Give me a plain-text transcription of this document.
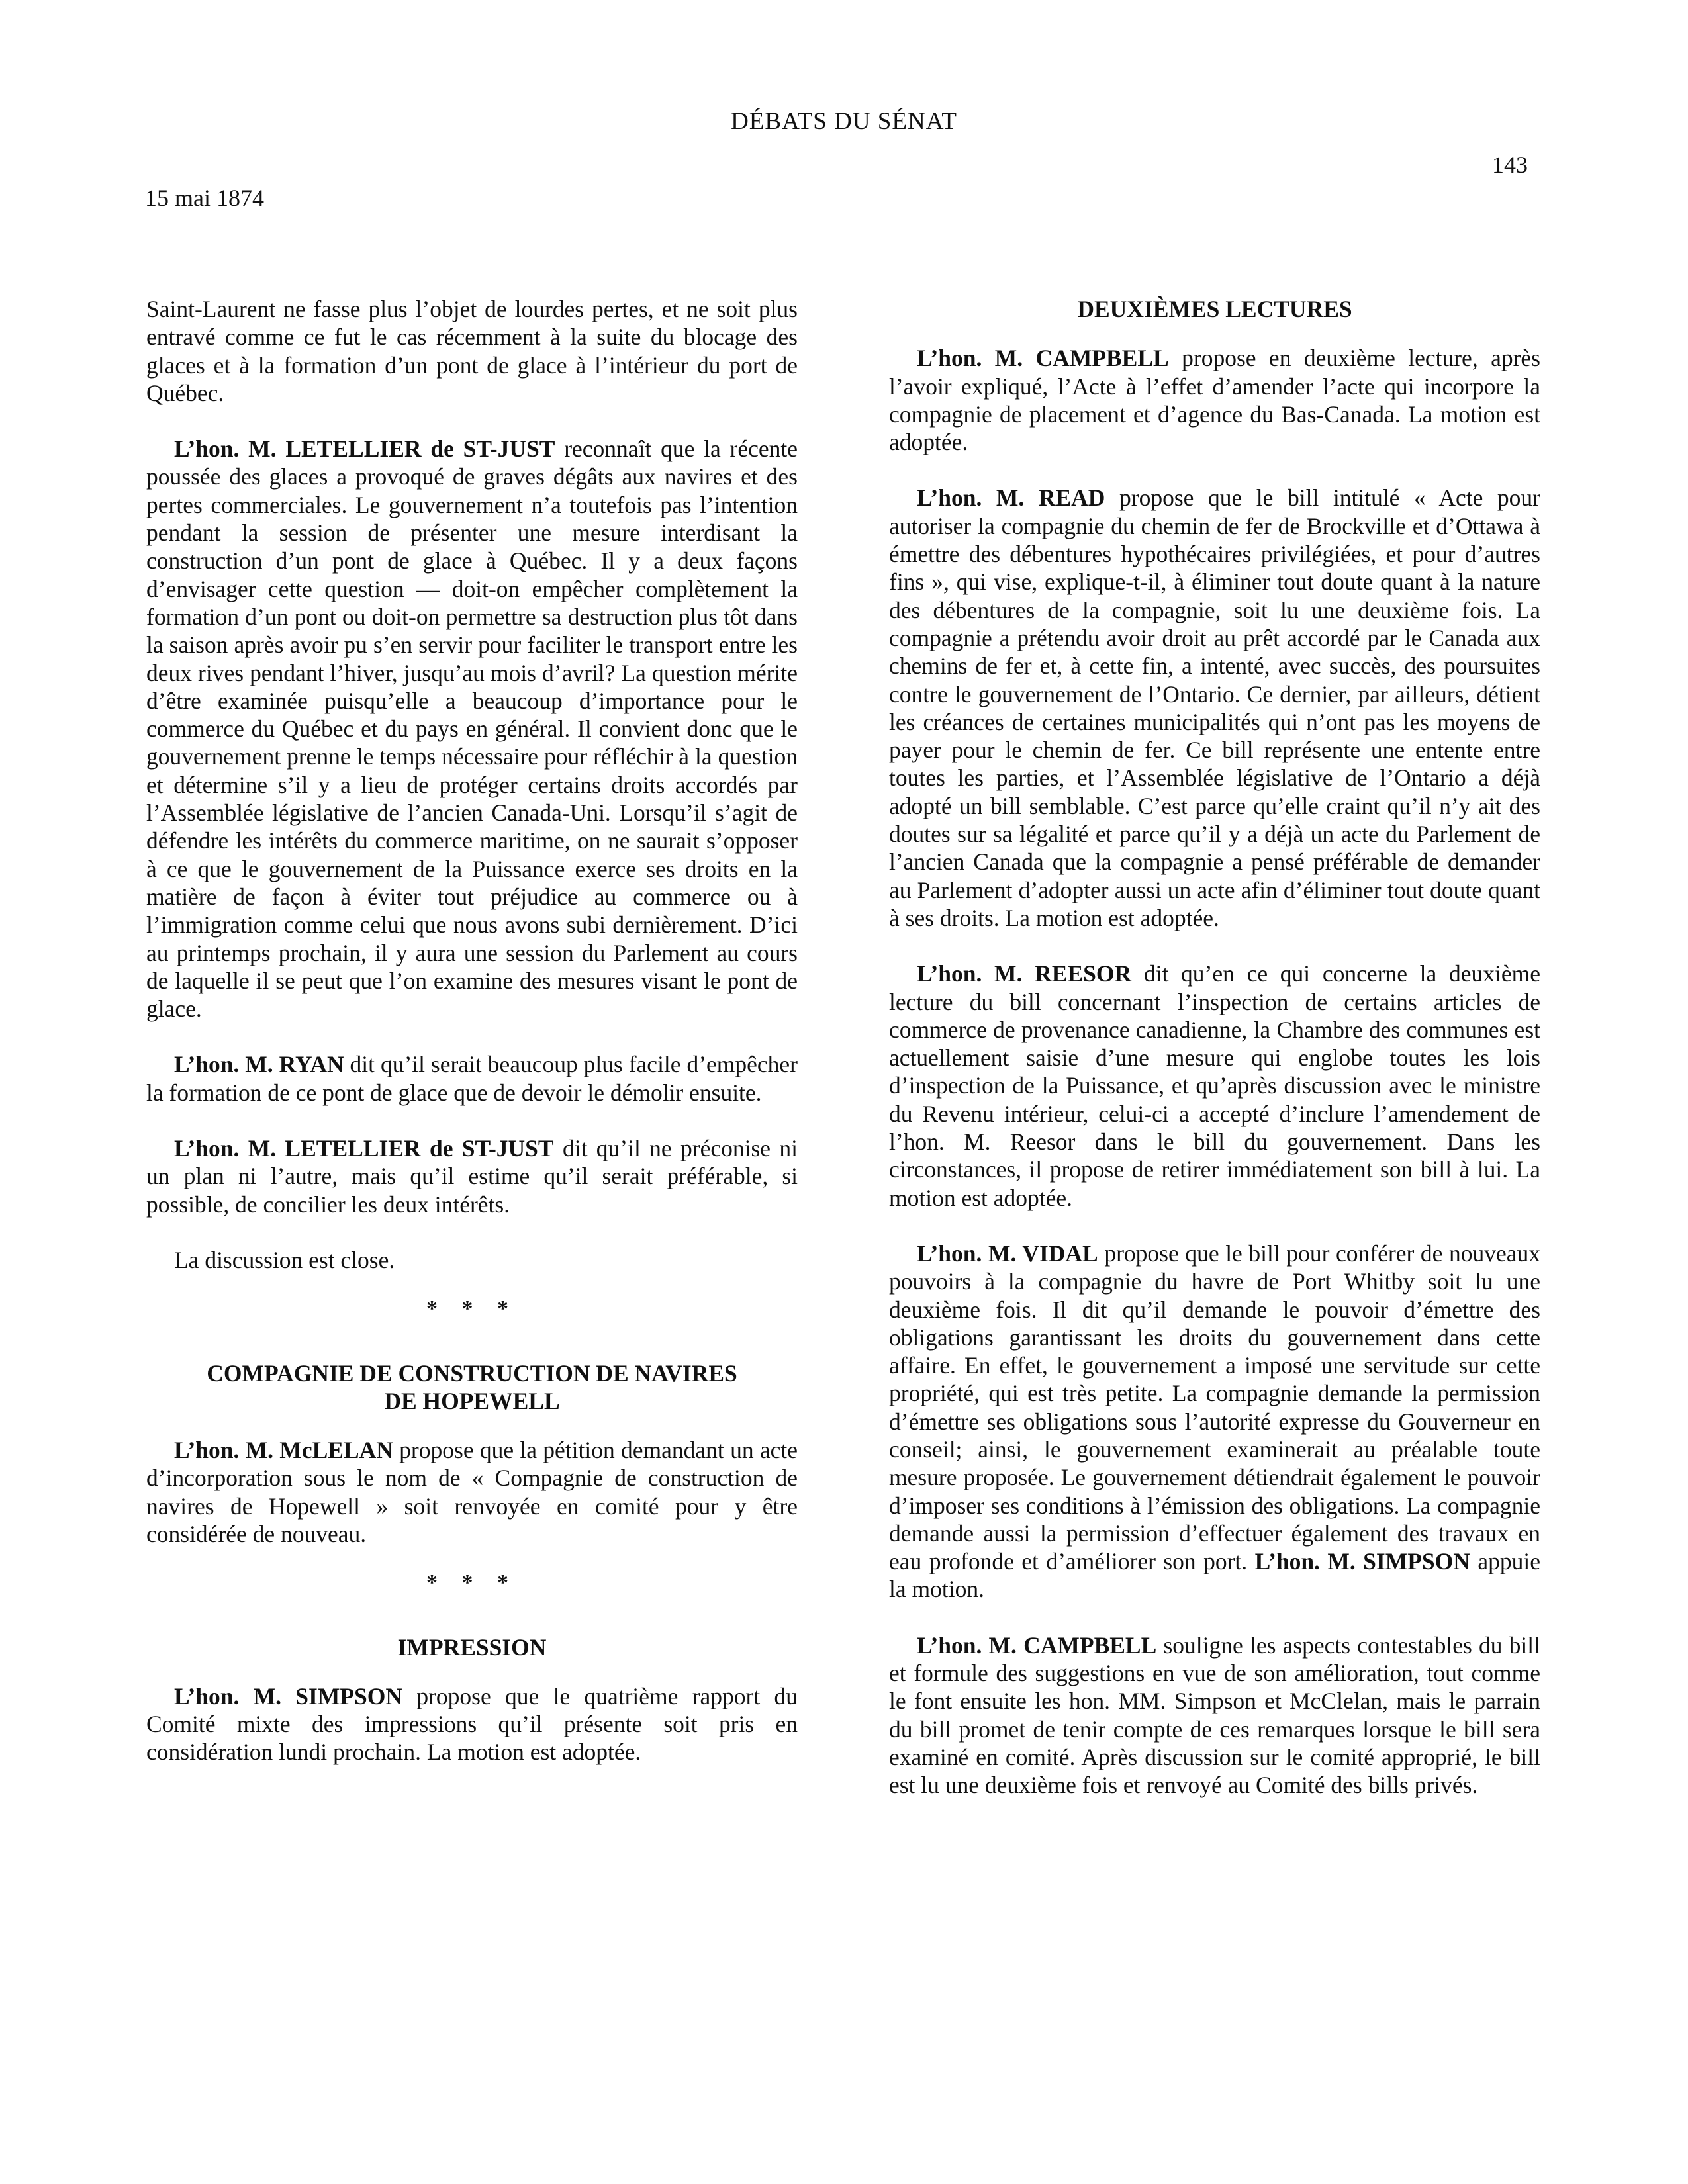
DÉBATS DU SÉNAT
143
15 mai 1874

Saint-Laurent ne fasse plus l’objet de lourdes pertes, et ne soit plus entravé comme ce fut le cas récemment à la suite du blocage des glaces et à la formation d’un pont de glace à l’intérieur du port de Québec.

L’hon. M. LETELLIER de ST-JUST reconnaît que la récente poussée des glaces a provoqué de graves dégâts aux navires et des pertes commerciales. Le gouvernement n’a toutefois pas l’intention pendant la session de présenter une mesure interdisant la construction d’un pont de glace à Québec. Il y a deux façons d’envisager cette question — doit-on empêcher complètement la formation d’un pont ou doit-on permettre sa destruction plus tôt dans la saison après avoir pu s’en servir pour faciliter le transport entre les deux rives pendant l’hiver, jusqu’au mois d’avril? La question mérite d’être examinée puisqu’elle a beaucoup d’importance pour le commerce du Québec et du pays en général. Il convient donc que le gouvernement prenne le temps nécessaire pour réfléchir à la question et détermine s’il y a lieu de protéger certains droits accordés par l’Assemblée législative de l’ancien Canada-Uni. Lorsqu’il s’agit de défendre les intérêts du commerce maritime, on ne saurait s’opposer à ce que le gouvernement de la Puissance exerce ses droits en la matière de façon à éviter tout préjudice au commerce ou à l’immigration comme celui que nous avons subi dernièrement. D’ici au printemps prochain, il y aura une session du Parlement au cours de laquelle il se peut que l’on examine des mesures visant le pont de glace.

L’hon. M. RYAN dit qu’il serait beaucoup plus facile d’empêcher la formation de ce pont de glace que de devoir le démolir ensuite.

L’hon. M. LETELLIER de ST-JUST dit qu’il ne préconise ni un plan ni l’autre, mais qu’il estime qu’il serait préférable, si possible, de concilier les deux intérêts.

La discussion est close.

* * *
COMPAGNIE DE CONSTRUCTION DE NAVIRES
DE HOPEWELL

L’hon. M. McLELAN propose que la pétition demandant un acte d’incorporation sous le nom de « Compagnie de construction de navires de Hopewell » soit renvoyée en comité pour y être considérée de nouveau.

* * *
IMPRESSION

L’hon. M. SIMPSON propose que le quatrième rapport du Comité mixte des impressions qu’il présente soit pris en considération lundi prochain. La motion est adoptée.

DEUXIÈMES LECTURES

L’hon. M. CAMPBELL propose en deuxième lecture, après l’avoir expliqué, l’Acte à l’effet d’amender l’acte qui incorpore la compagnie de placement et d’agence du Bas-Canada. La motion est adoptée.

L’hon. M. READ propose que le bill intitulé « Acte pour autoriser la compagnie du chemin de fer de Brockville et d’Ottawa à émettre des débentures hypothécaires privilégiées, et pour d’autres fins », qui vise, explique-t-il, à éliminer tout doute quant à la nature des débentures de la compagnie, soit lu une deuxième fois. La compagnie a prétendu avoir droit au prêt accordé par le Canada aux chemins de fer et, à cette fin, a intenté, avec succès, des poursuites contre le gouvernement de l’Ontario. Ce dernier, par ailleurs, détient les créances de certaines municipalités qui n’ont pas les moyens de payer pour le chemin de fer. Ce bill représente une entente entre toutes les parties, et l’Assemblée législative de l’Ontario a déjà adopté un bill semblable. C’est parce qu’elle craint qu’il n’y ait des doutes sur sa légalité et parce qu’il y a déjà un acte du Parlement de l’ancien Canada que la compagnie a pensé préférable de demander au Parlement d’adopter aussi un acte afin d’éliminer tout doute quant à ses droits. La motion est adoptée.

L’hon. M. REESOR dit qu’en ce qui concerne la deuxième lecture du bill concernant l’inspection de certains articles de commerce de provenance canadienne, la Chambre des communes est actuellement saisie d’une mesure qui englobe toutes les lois d’inspection de la Puissance, et qu’après discussion avec le ministre du Revenu intérieur, celui-ci a accepté d’inclure l’amendement de l’hon. M. Reesor dans le bill du gouvernement. Dans les circonstances, il propose de retirer immédiatement son bill à lui. La motion est adoptée.

L’hon. M. VIDAL propose que le bill pour conférer de nouveaux pouvoirs à la compagnie du havre de Port Whitby soit lu une deuxième fois. Il dit qu’il demande le pouvoir d’émettre des obligations garantissant les droits du gouvernement dans cette affaire. En effet, le gouvernement a imposé une servitude sur cette propriété, qui est très petite. La compagnie demande la permission d’émettre ses obligations sous l’autorité expresse du Gouverneur en conseil; ainsi, le gouvernement examinerait au préalable toute mesure proposée. Le gouvernement détiendrait également le pouvoir d’imposer ses conditions à l’émission des obligations. La compagnie demande aussi la permission d’effectuer également des travaux en eau profonde et d’améliorer son port. L’hon. M. SIMPSON appuie la motion.

L’hon. M. CAMPBELL souligne les aspects contestables du bill et formule des suggestions en vue de son amélioration, tout comme le font ensuite les hon. MM. Simpson et McClelan, mais le parrain du bill promet de tenir compte de ces remarques lorsque le bill sera examiné en comité. Après discussion sur le comité approprié, le bill est lu une deuxième fois et renvoyé au Comité des bills privés.
